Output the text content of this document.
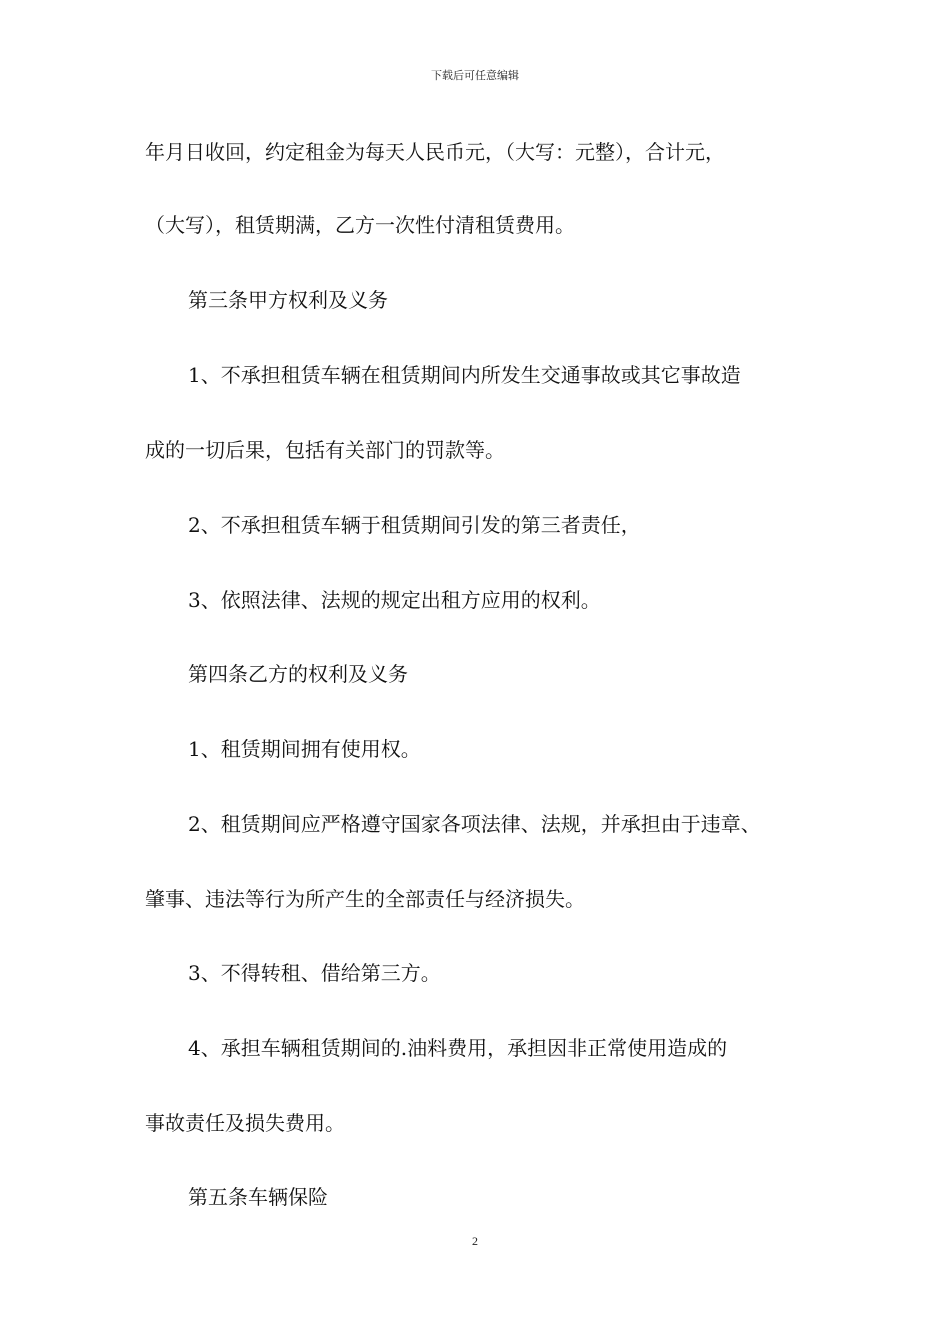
下载后可任意编辑
年月日收回，约定租金为每天人民币元，（大写：元整），合计元，
（大写），租赁期满，乙方一次性付清租赁费用。
第三条甲方权利及义务
1、不承担租赁车辆在租赁期间内所发生交通事故或其它事故造
成的一切后果，包括有关部门的罚款等。
2、不承担租赁车辆于租赁期间引发的第三者责任，
3、依照法律、法规的规定出租方应用的权利。
第四条乙方的权利及义务
1、租赁期间拥有使用权。
2、租赁期间应严格遵守国家各项法律、法规，并承担由于违章、
肇事、违法等行为所产生的全部责任与经济损失。
3、不得转租、借给第三方。
4、承担车辆租赁期间的.油料费用，承担因非正常使用造成的
事故责任及损失费用。
第五条车辆保险
2
